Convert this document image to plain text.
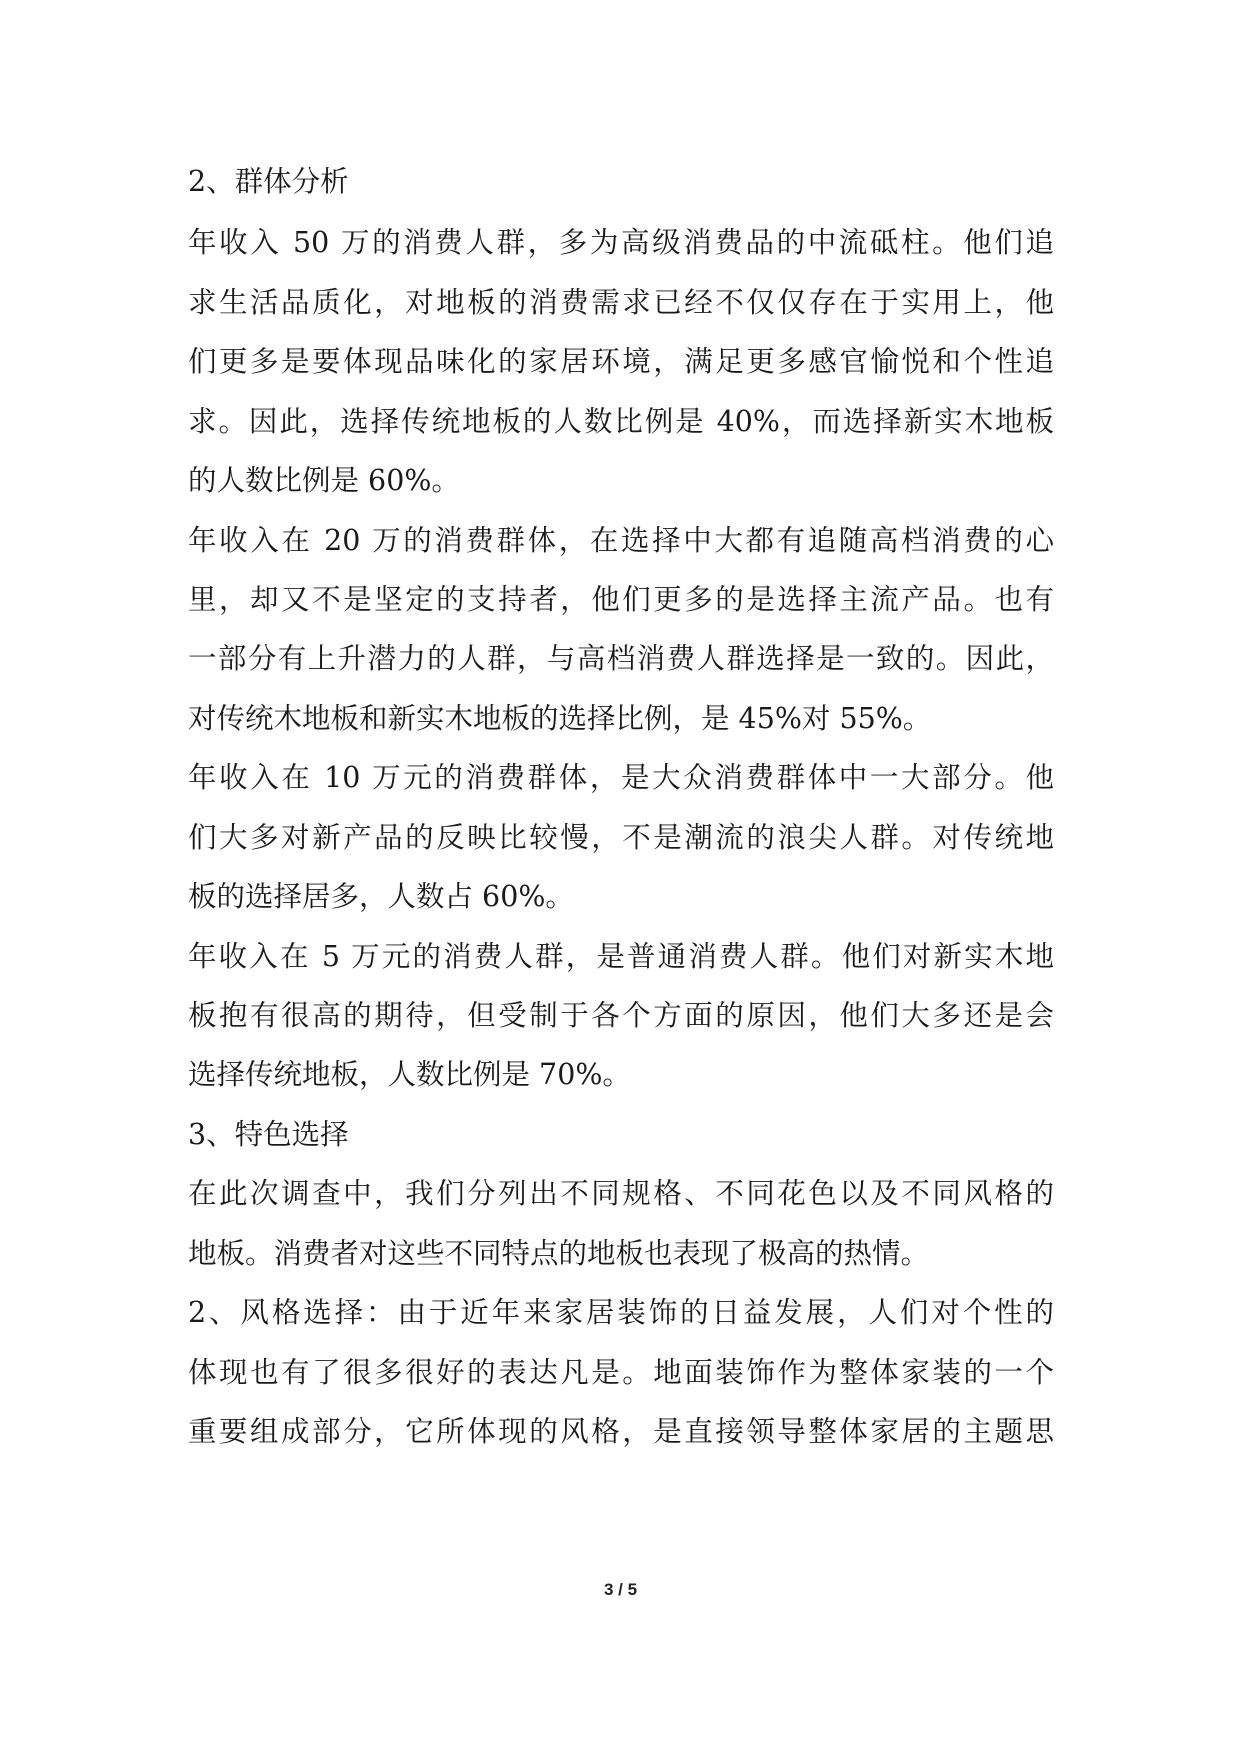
2、群体分析
年收入 50 万的消费人群，多为高级消费品的中流砥柱。他们追
求生活品质化，对地板的消费需求已经不仅仅存在于实用上，他
们更多是要体现品味化的家居环境，满足更多感官愉悦和个性追
求。因此，选择传统地板的人数比例是 40%，而选择新实木地板
的人数比例是 60%。
年收入在 20 万的消费群体，在选择中大都有追随高档消费的心
里，却又不是坚定的支持者，他们更多的是选择主流产品。也有
一部分有上升潜力的人群，与高档消费人群选择是一致的。因此，
对传统木地板和新实木地板的选择比例，是 45%对 55%。
年收入在 10 万元的消费群体，是大众消费群体中一大部分。他
们大多对新产品的反映比较慢，不是潮流的浪尖人群。对传统地
板的选择居多，人数占 60%。
年收入在 5 万元的消费人群，是普通消费人群。他们对新实木地
板抱有很高的期待，但受制于各个方面的原因，他们大多还是会
选择传统地板，人数比例是 70%。
3、特色选择
在此次调查中，我们分列出不同规格、不同花色以及不同风格的
地板。消费者对这些不同特点的地板也表现了极高的热情。
2、风格选择：由于近年来家居装饰的日益发展，人们对个性的
体现也有了很多很好的表达凡是。地面装饰作为整体家装的一个
重要组成部分，它所体现的风格，是直接领导整体家居的主题思
3 / 5
